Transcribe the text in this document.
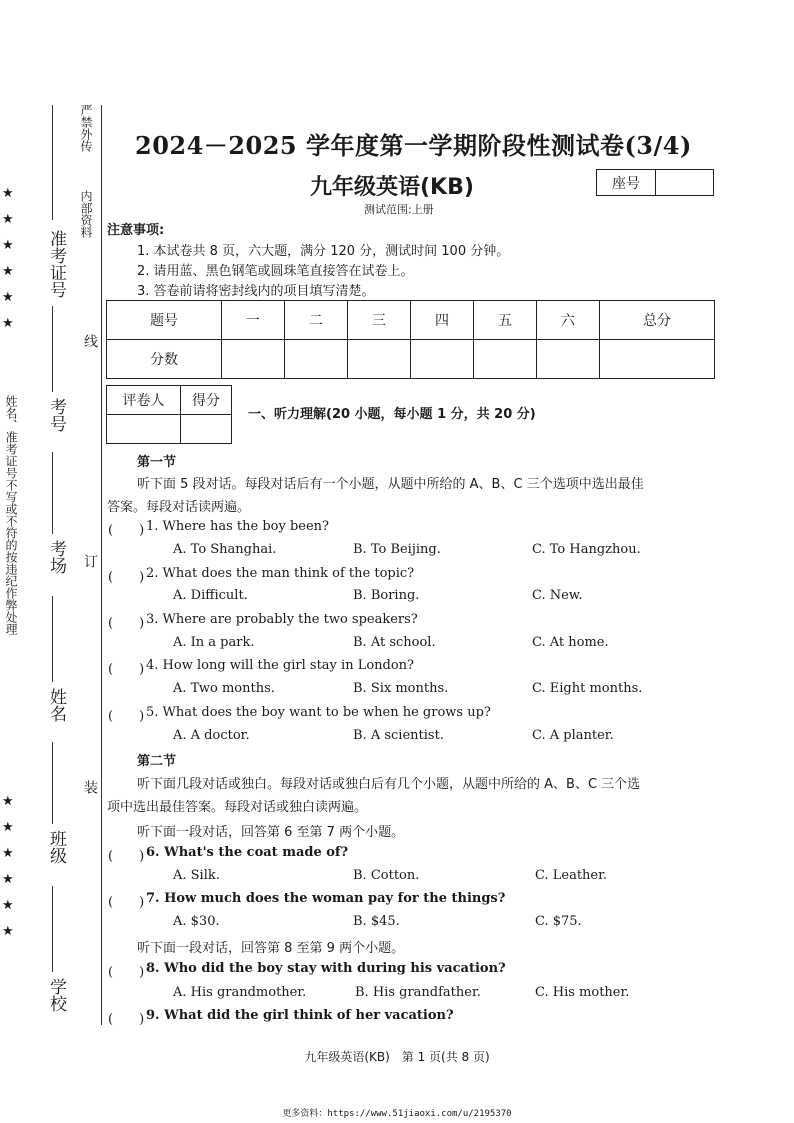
严禁外传
内部资料
准考证号
考号
考场
姓名
班级
学校
线
订
装
姓名、准考证号不写或不符的按违纪作弊处理
★
★
★
★
★
★
★
★
★
★
★
★
2024－2025 学年度第一学期阶段性测试卷(3/4)
九年级英语(KB)	座号
测试范围:上册
注意事项:
1. 本试卷共 8 页，六大题，满分 120 分，测试时间 100 分钟。
2. 请用蓝、黑色钢笔或圆珠笔直接答在试卷上。
3. 答卷前请将密封线内的项目填写清楚。
题号	一	二	三	四	五	六	总分
分数							
评卷人	得分

一、听力理解(20 小题，每小题 1 分，共 20 分)
第一节
听下面 5 段对话。每段对话后有一个小题，从题中所给的 A、B、C 三个选项中选出最佳
答案。每段对话读两遍。
(　　) 1. Where has the boy been?
A. To Shanghai.	B. To Beijing.	C. To Hangzhou.
(　　) 2. What does the man think of the topic?
A. Difficult.	B. Boring.	C. New.
(　　) 3. Where are probably the two speakers?
A. In a park.	B. At school.	C. At home.
(　　) 4. How long will the girl stay in London?
A. Two months.	B. Six months.	C. Eight months.
(　　) 5. What does the boy want to be when he grows up?
A. A doctor.	B. A scientist.	C. A planter.
第二节
听下面几段对话或独白。每段对话或独白后有几个小题，从题中所给的 A、B、C 三个选
项中选出最佳答案。每段对话或独白读两遍。
听下面一段对话，回答第 6 至第 7 两个小题。
(　　) 6. What's the coat made of?
A. Silk.	B. Cotton.	C. Leather.
(　　) 7. How much does the woman pay for the things?
A. $30.	B. $45.	C. $75.
听下面一段对话，回答第 8 至第 9 两个小题。
(　　) 8. Who did the boy stay with during his vacation?
A. His grandmother.	B. His grandfather.	C. His mother.
(　　) 9. What did the girl think of her vacation?
九年级英语(KB)　第 1 页(共 8 页)
更多资料：https://www.51jiaoxi.com/u/2195370
